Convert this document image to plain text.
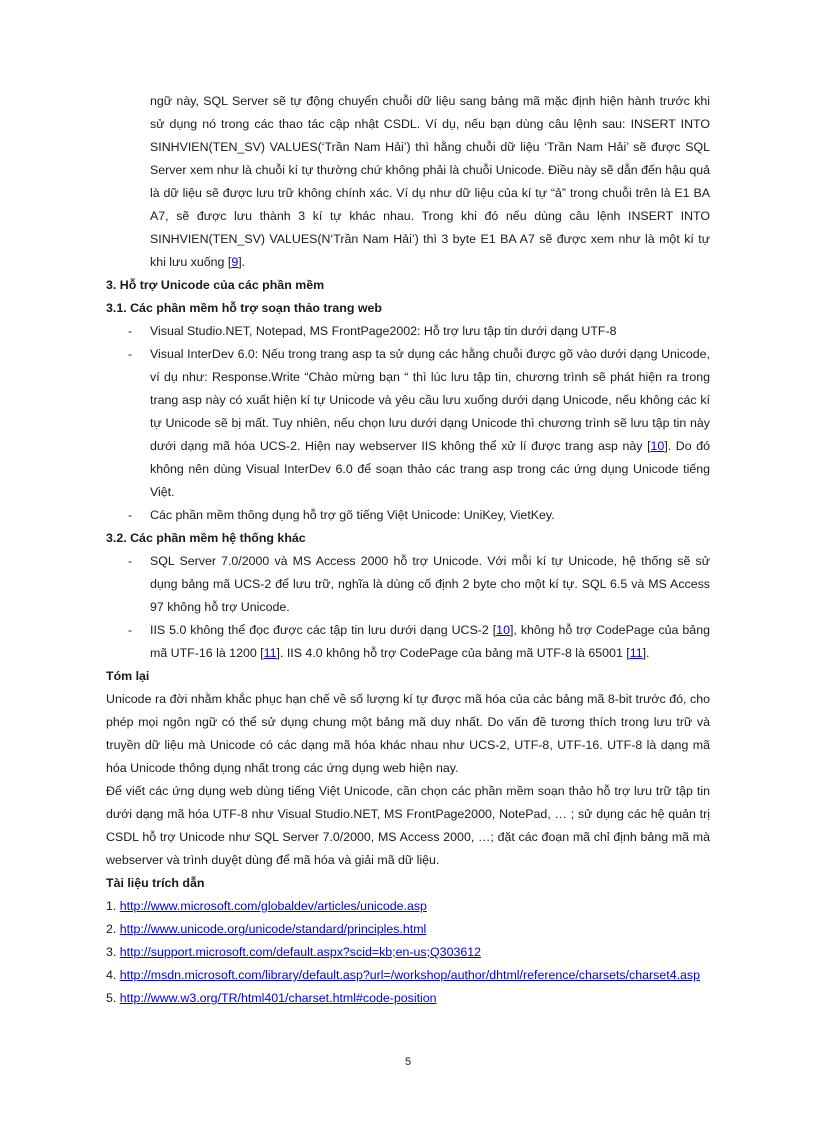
ngữ này, SQL Server sẽ tự động chuyển chuỗi dữ liệu sang bảng mã mặc định hiện hành trước khi sử dụng nó trong các thao tác cập nhật CSDL. Ví dụ, nếu bạn dùng câu lệnh sau: INSERT INTO SINHVIEN(TEN_SV) VALUES(‘Trần Nam Hải’) thì hằng chuỗi dữ liệu ‘Trần Nam Hải’ sẽ được SQL Server xem như là chuỗi kí tự thường chứ không phải là chuỗi Unicode. Điều này sẽ dẫn đến hậu quả là dữ liệu sẽ được lưu trữ không chính xác. Ví dụ như dữ liệu của kí tự “ả” trong chuỗi trên là E1 BA A7, sẽ được lưu thành 3 kí tự khác nhau. Trong khi đó nếu dùng câu lệnh INSERT INTO SINHVIEN(TEN_SV) VALUES(N‘Trần Nam Hải’) thì 3 byte E1 BA A7 sẽ được xem như là một kí tự khi lưu xuống [9].

3. Hỗ trợ Unicode của các phần mềm
3.1. Các phần mềm hỗ trợ soạn thảo trang web
- Visual Studio.NET, Notepad, MS FrontPage2002: Hỗ trợ lưu tập tin dưới dạng UTF-8
- Visual InterDev 6.0: Nếu trong trang asp ta sử dụng các hằng chuỗi được gõ vào dưới dạng Unicode, ví dụ như: Response.Write “Chào mừng bạn “ thì lúc lưu tập tin, chương trình sẽ phát hiện ra trong trang asp này có xuất hiện kí tự Unicode và yêu cầu lưu xuống dưới dạng Unicode, nếu không các kí tự Unicode sẽ bị mất. Tuy nhiên, nếu chọn lưu dưới dạng Unicode thì chương trình sẽ lưu tập tin này dưới dạng mã hóa UCS-2. Hiện nay webserver IIS không thể xử lí được trang asp này [10]. Do đó không nên dùng Visual InterDev 6.0 để soạn thảo các trang asp trong các ứng dụng Unicode tiếng Việt.
- Các phần mềm thông dụng hỗ trợ gõ tiếng Việt Unicode: UniKey, VietKey.
3.2. Các phần mềm hệ thống khác
- SQL Server 7.0/2000 và MS Access 2000 hỗ trợ Unicode. Với mỗi kí tự Unicode, hệ thống sẽ sử dụng bảng mã UCS-2 để lưu trữ, nghĩa là dùng cố định 2 byte cho một kí tự. SQL 6.5 và MS Access 97 không hỗ trợ Unicode.
- IIS 5.0 không thể đọc được các tập tin lưu dưới dạng UCS-2 [10], không hỗ trợ CodePage của bảng mã UTF-16 là 1200 [11]. IIS 4.0 không hỗ trợ CodePage của bảng mã UTF-8 là 65001 [11].
Tóm lại

Unicode ra đời nhằm khắc phục hạn chế về số lượng kí tự được mã hóa của các bảng mã 8-bit trước đó, cho phép mọi ngôn ngữ có thể sử dụng chung một bảng mã duy nhất. Do vấn đề tương thích trong lưu trữ và truyền dữ liệu mà Unicode có các dạng mã hóa khác nhau như UCS-2, UTF-8, UTF-16. UTF-8 là dạng mã hóa Unicode thông dụng nhất trong các ứng dụng web hiện nay.

Để viết các ứng dụng web dùng tiếng Việt Unicode, cần chọn các phần mềm soạn thảo hỗ trợ lưu trữ tập tin dưới dạng mã hóa UTF-8 như Visual Studio.NET, MS FrontPage2000, NotePad, … ; sử dụng các hệ quản trị CSDL hỗ trợ Unicode như SQL Server 7.0/2000, MS Access 2000, …; đặt các đoạn mã chỉ định bảng mã mà webserver và trình duyệt dùng để mã hóa và giải mã dữ liệu.

Tài liệu trích dẫn
1. http://www.microsoft.com/globaldev/articles/unicode.asp
2. http://www.unicode.org/unicode/standard/principles.html
3. http://support.microsoft.com/default.aspx?scid=kb;en-us;Q303612
4. http://msdn.microsoft.com/library/default.asp?url=/workshop/author/dhtml/reference/charsets/charset4.asp
5. http://www.w3.org/TR/html401/charset.html#code-position
5
